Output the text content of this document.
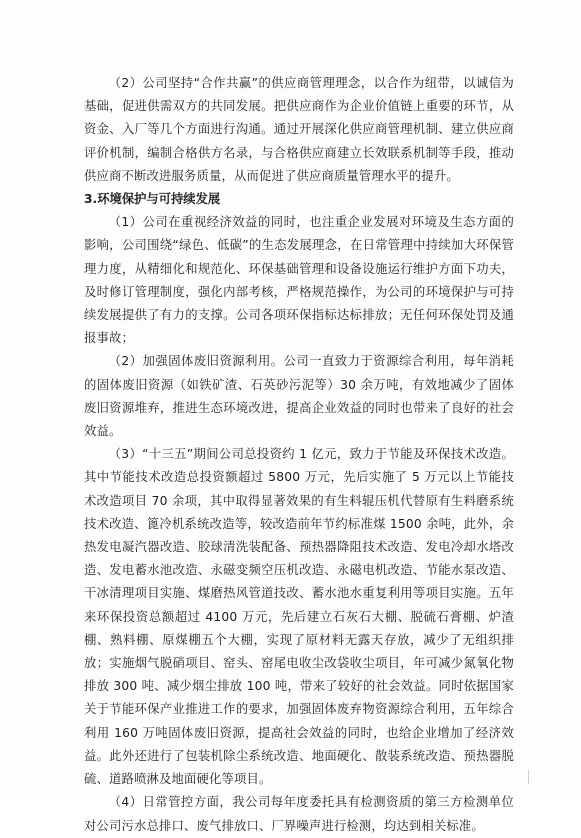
（2）公司坚持“合作共赢”的供应商管理理念，以合作为纽带，以诚信为基础，促进供需双方的共同发展。把供应商作为企业价值链上重要的环节，从资金、入厂等几个方面进行沟通。通过开展深化供应商管理机制、建立供应商评价机制，编制合格供方名录，与合格供应商建立长效联系机制等手段，推动供应商不断改进服务质量，从而促进了供应商质量管理水平的提升。

3.环境保护与可持续发展

（1）公司在重视经济效益的同时，也注重企业发展对环境及生态方面的影响，公司围绕“绿色、低碳”的生态发展理念，在日常管理中持续加大环保管理力度，从精细化和规范化、环保基础管理和设备设施运行维护方面下功夫，及时修订管理制度，强化内部考核，严格规范操作，为公司的环境保护与可持续发展提供了有力的支撑。公司各项环保指标达标排放；无任何环保处罚及通报事故；

（2）加强固体废旧资源利用。公司一直致力于资源综合利用，每年消耗的固体废旧资源（如铁矿渣、石英砂污泥等）30 余万吨，有效地减少了固体废旧资源堆弃，推进生态环境改进，提高企业效益的同时也带来了良好的社会效益。

（3）“十三五”期间公司总投资约 1 亿元，致力于节能及环保技术改造。其中节能技术改造总投资额超过 5800 万元，先后实施了 5 万元以上节能技术改造项目 70 余项，其中取得显著效果的有生料辊压机代替原有生料磨系统技术改造、篦冷机系统改造等，较改造前年节约标准煤 1500 余吨，此外，余热发电凝汽器改造、胶球清洗装配备、预热器降阻技术改造、发电冷却水塔改造、发电蓄水池改造、永磁变频空压机改造、永磁电机改造、节能水泵改造、干冰清理项目实施、煤磨热风管道技改、蓄水池水重复利用等项目实施。五年来环保投资总额超过 4100 万元，先后建立石灰石大棚、脱硫石膏棚、炉渣棚、熟料棚、原煤棚五个大棚，实现了原材料无露天存放，减少了无组织排放；实施烟气脱硝项目、窑头、窑尾电收尘改袋收尘项目，年可减少氮氧化物排放 300 吨、减少烟尘排放 100 吨，带来了较好的社会效益。同时依据国家关于节能环保产业推进工作的要求，加强固体废弃物资源综合利用，五年综合利用 160 万吨固体废旧资源，提高社会效益的同时，也给企业增加了经济效益。此外还进行了包装机除尘系统改造、地面硬化、散装系统改造、预热器脱硫、道路喷淋及地面硬化等项目。

（4）日常管控方面，我公司每年度委托具有检测资质的第三方检测单位对公司污水总排口、废气排放口、厂界噪声进行检测，均达到相关标准。
